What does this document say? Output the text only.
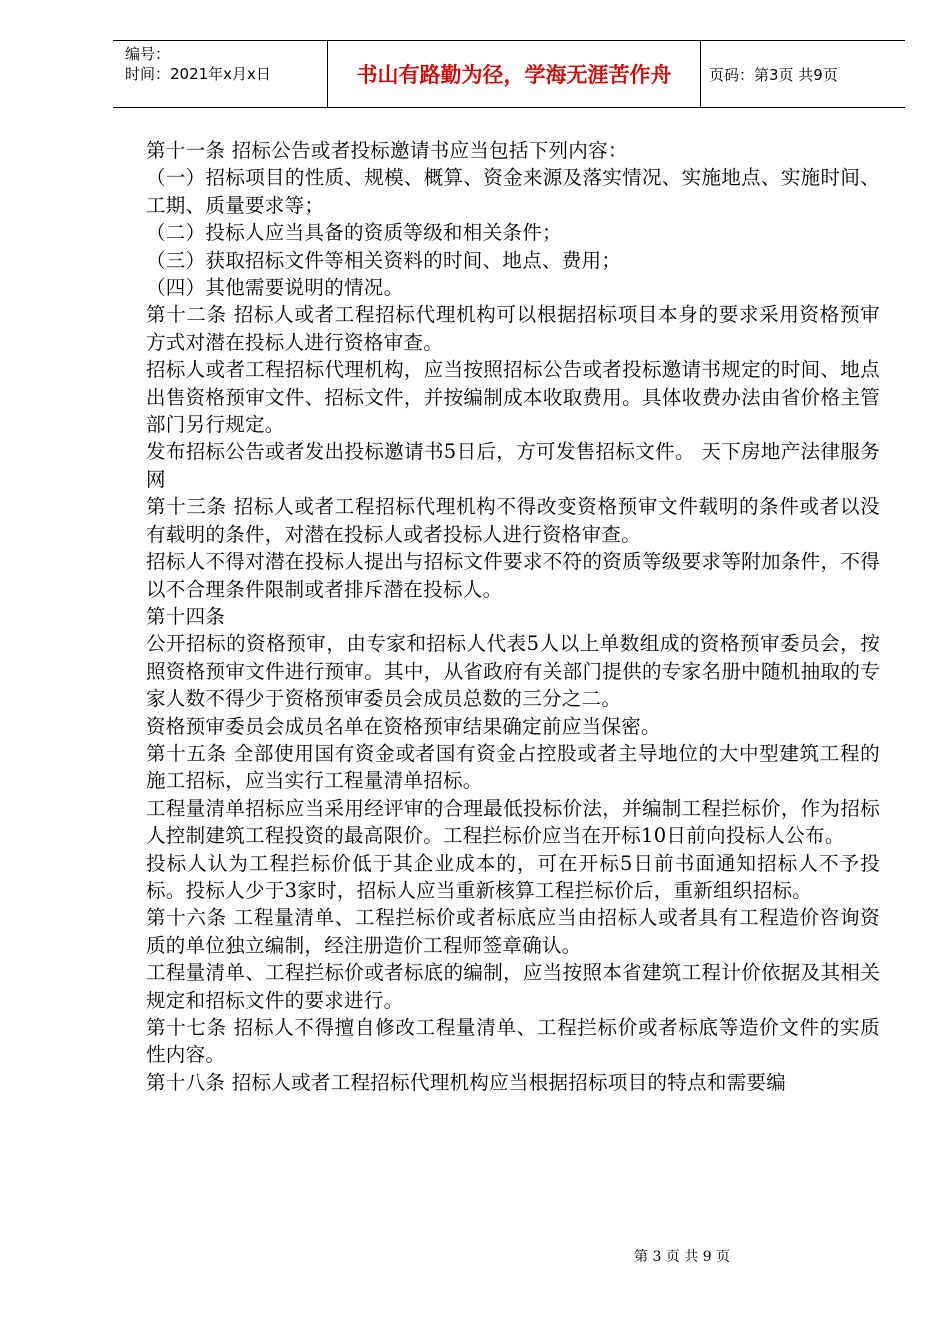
编号：
时间：2021年x月x日	书山有路勤为径，学海无涯苦作舟	页码：第3页 共9页

第十一条 招标公告或者投标邀请书应当包括下列内容：

（一）招标项目的性质、规模、概算、资金来源及落实情况、实施地点、实施时间、工期、质量要求等；

（二）投标人应当具备的资质等级和相关条件；

（三）获取招标文件等相关资料的时间、地点、费用；

（四）其他需要说明的情况。

第十二条 招标人或者工程招标代理机构可以根据招标项目本身的要求采用资格预审方式对潜在投标人进行资格审查。

招标人或者工程招标代理机构，应当按照招标公告或者投标邀请书规定的时间、地点出售资格预审文件、招标文件，并按编制成本收取费用。具体收费办法由省价格主管部门另行规定。

发布招标公告或者发出投标邀请书5日后，方可发售招标文件。 天下房地产法律服务网

第十三条 招标人或者工程招标代理机构不得改变资格预审文件载明的条件或者以没有载明的条件，对潜在投标人或者投标人进行资格审查。

招标人不得对潜在投标人提出与招标文件要求不符的资质等级要求等附加条件，不得以不合理条件限制或者排斥潜在投标人。

第十四条

公开招标的资格预审，由专家和招标人代表5人以上单数组成的资格预审委员会，按照资格预审文件进行预审。其中，从省政府有关部门提供的专家名册中随机抽取的专家人数不得少于资格预审委员会成员总数的三分之二。

资格预审委员会成员名单在资格预审结果确定前应当保密。

第十五条 全部使用国有资金或者国有资金占控股或者主导地位的大中型建筑工程的施工招标，应当实行工程量清单招标。

工程量清单招标应当采用经评审的合理最低投标价法，并编制工程拦标价，作为招标人控制建筑工程投资的最高限价。工程拦标价应当在开标10日前向投标人公布。

投标人认为工程拦标价低于其企业成本的，可在开标5日前书面通知招标人不予投标。投标人少于3家时，招标人应当重新核算工程拦标价后，重新组织招标。

第十六条 工程量清单、工程拦标价或者标底应当由招标人或者具有工程造价咨询资质的单位独立编制，经注册造价工程师签章确认。

工程量清单、工程拦标价或者标底的编制，应当按照本省建筑工程计价依据及其相关规定和招标文件的要求进行。

第十七条 招标人不得擅自修改工程量清单、工程拦标价或者标底等造价文件的实质性内容。

第十八条 招标人或者工程招标代理机构应当根据招标项目的特点和需要编

第 3 页 共 9 页
